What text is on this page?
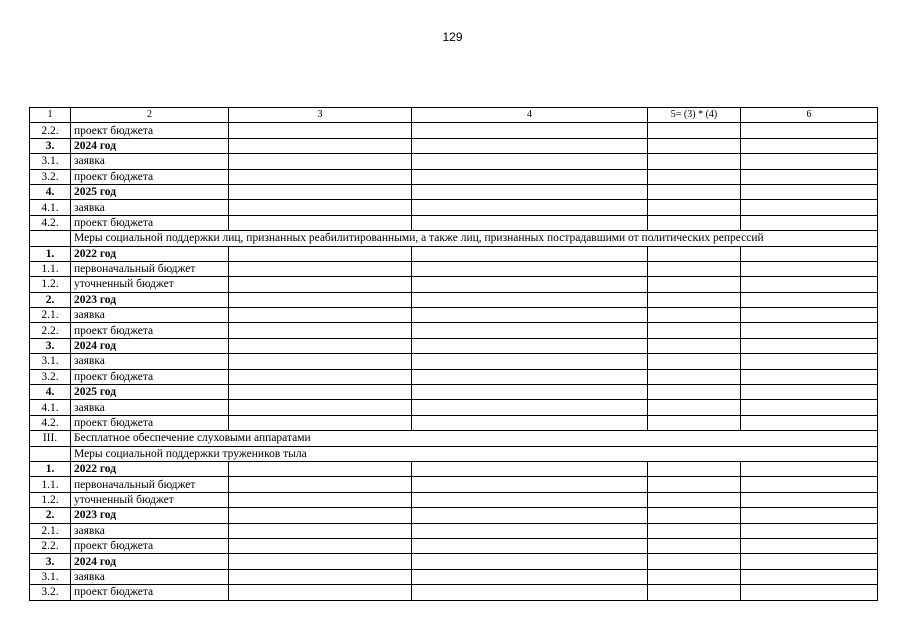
129
1	2	3	4	5= (3) * (4)	6
2.2.	проект бюджета				
3.	2024 год				
3.1.	заявка				
3.2.	проект бюджета				
4.	2025 год				
4.1.	заявка				
4.2.	проект бюджета				
	Меры социальной поддержки лиц, признанных реабилитированными, а также лиц, признанных пострадавшими от политических репрессий				
1.	2022 год				
1.1.	первоначальный бюджет				
1.2.	уточненный бюджет				
2.	2023 год				
2.1.	заявка				
2.2.	проект бюджета				
3.	2024 год				
3.1.	заявка				
3.2.	проект бюджета				
4.	2025 год				
4.1.	заявка				
4.2.	проект бюджета				
III.	Бесплатное обеспечение слуховыми аппаратами				
	Меры социальной поддержки тружеников тыла				
1.	2022 год				
1.1.	первоначальный бюджет				
1.2.	уточненный бюджет				
2.	2023 год				
2.1.	заявка				
2.2.	проект бюджета				
3.	2024 год				
3.1.	заявка				
3.2.	проект бюджета				
